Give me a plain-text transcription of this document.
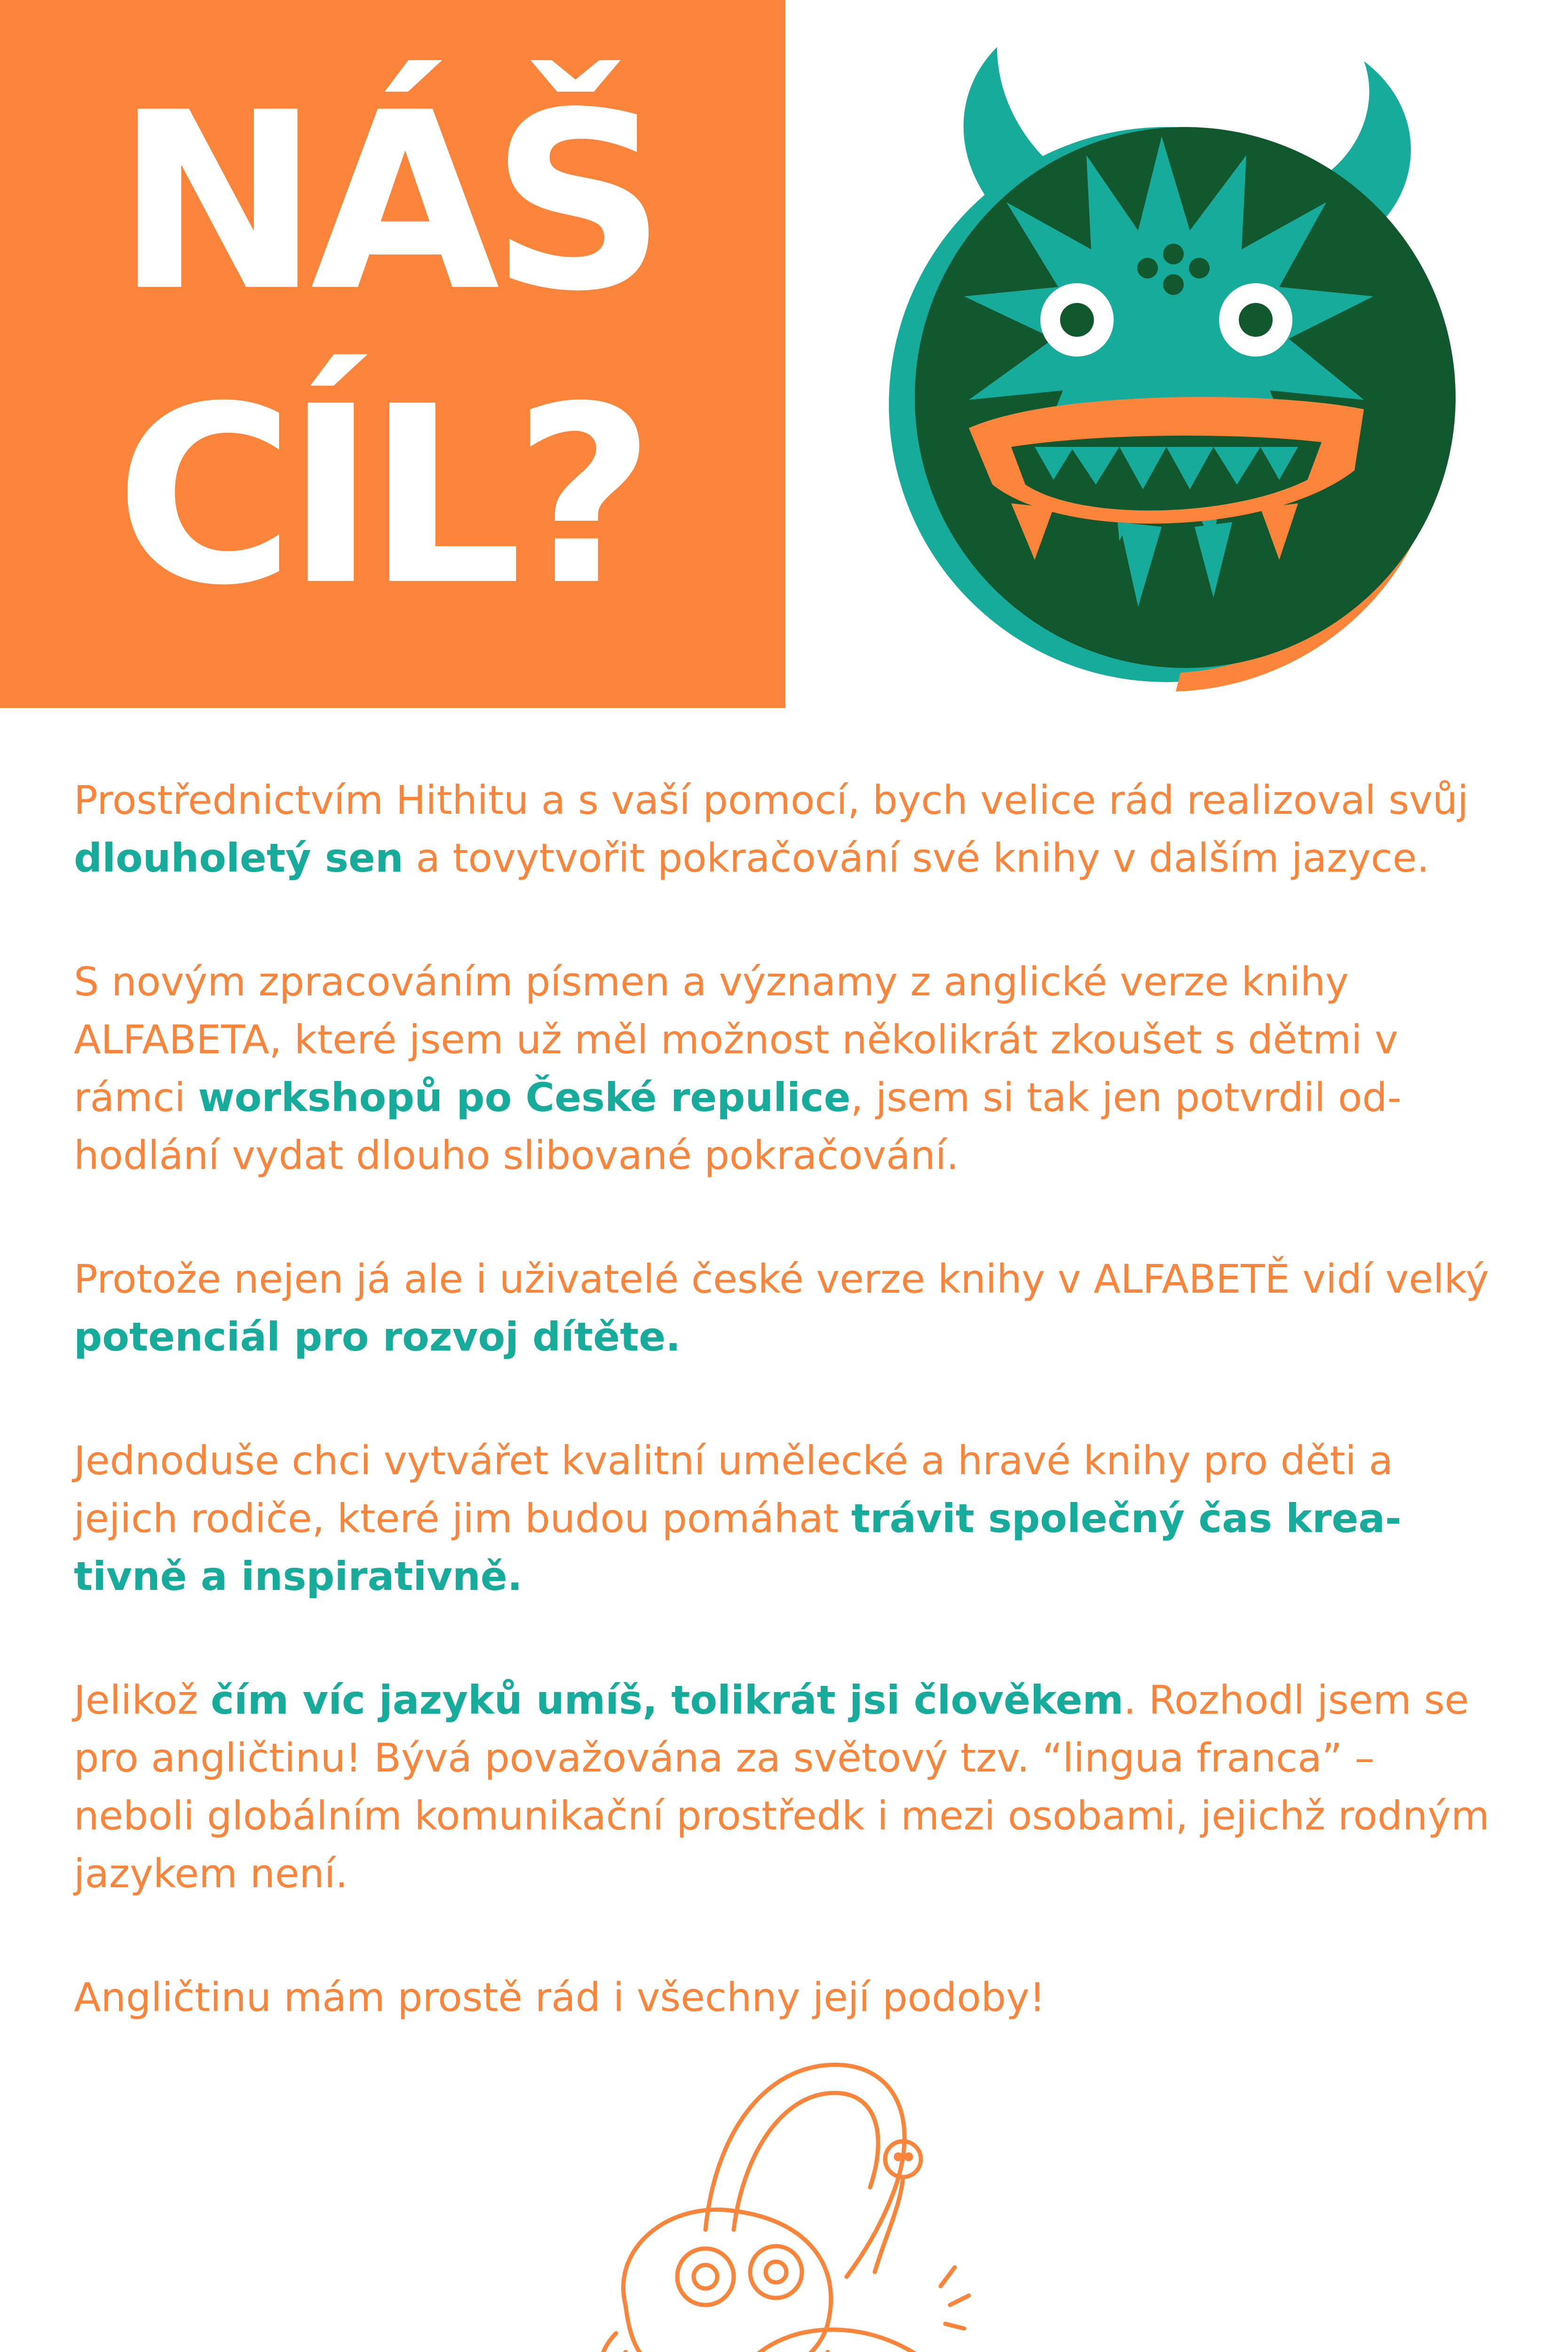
NÁŠ
CÍL?

Prostřednictvím Hithitu a s vaší pomocí, bych velice rád realizoval svůj dlouholetý sen a tovytvořit pokračování své knihy v dalším jazyce.

S novým zpracováním písmen a významy z anglické verze knihy ALFABETA, které jsem už měl možnost několikrát zkoušet s dětmi v rámci workshopů po České repulice, jsem si tak jen potvrdil od- hodlání vydat dlouho slibované pokračování.

Protože nejen já ale i uživatelé české verze knihy v ALFABETĚ vidí velký potenciál pro rozvoj dítěte.

Jednoduše chci vytvářet kvalitní umělecké a hravé knihy pro děti a jejich rodiče, které jim budou pomáhat trávit společný čas krea- tivně a inspirativně.

Jelikož čím víc jazyků umíš, tolikrát jsi člověkem. Rozhodl jsem se pro angličtinu! Bývá považována za světový tzv. “lingua franca” – neboli globálním komunikační prostředk i mezi osobami, jejichž rodným jazykem není.

Angličtinu mám prostě rád i všechny její podoby!
